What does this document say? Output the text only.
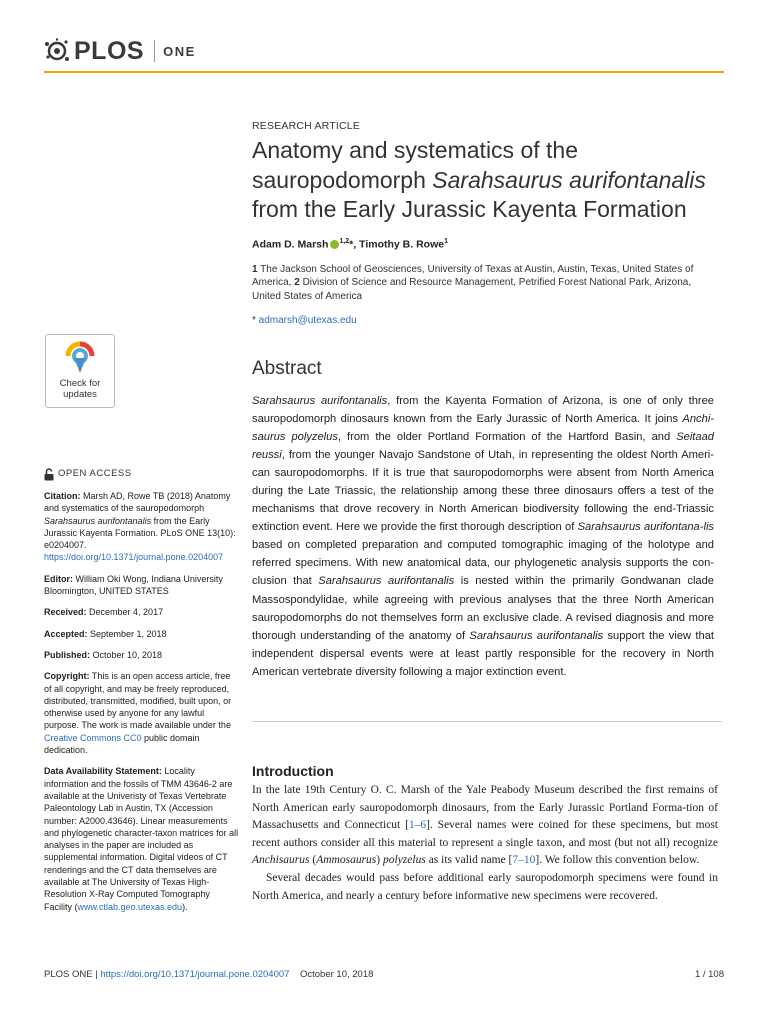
PLOS ONE
RESEARCH ARTICLE
Anatomy and systematics of the
sauropodomorph Sarahsaurus aurifontanalis
from the Early Jurassic Kayenta Formation
Adam D. Marsh $^{1,2}$*, Timothy B. Rowe$^1$
1 The Jackson School of Geosciences, University of Texas at Austin, Austin, Texas, United States of America, 2 Division of Science and Resource Management, Petrified Forest National Park, Arizona, United States of America
* admarsh@utexas.edu
Check for
updates
OPEN ACCESS

Citation: Marsh AD, Rowe TB (2018) Anatomy and systematics of the sauropodomorph Sarahsaurus aurifontanalis from the Early Jurassic Kayenta Formation. PLoS ONE 13(10): e0204007. https://doi.org/10.1371/journal.pone.0204007

Editor: William Oki Wong, Indiana University Bloomington, UNITED STATES

Received: December 4, 2017

Accepted: September 1, 2018

Published: October 10, 2018

Copyright: This is an open access article, free of all copyright, and may be freely reproduced, distributed, transmitted, modified, built upon, or otherwise used by anyone for any lawful purpose. The work is made available under the Creative Commons CC0 public domain dedication.

Data Availability Statement: Locality information and the fossils of TMM 43646-2 are available at the Univeristy of Texas Vertebrate Paleontology Lab in Austin, TX (Accession number: A2000.43646). Linear measurements and phylogenetic character-taxon matrices for all analyses in the paper are included as supplemental information. Digital videos of CT renderings and the CT data themselves are available at The University of Texas High-Resolution X-Ray Computed Tomography Facility (www.ctlab.geo.utexas.edu).

Abstract
Sarahsaurus aurifontanalis, from the Kayenta Formation of Arizona, is one of only three sauropodomorph dinosaurs known from the Early Jurassic of North America. It joins Anchi-saurus polyzelus, from the older Portland Formation of the Hartford Basin, and Seitaad reussi, from the younger Navajo Sandstone of Utah, in representing the oldest North Ameri-can sauropodomorphs. If it is true that sauropodomorphs were absent from North America during the Late Triassic, the relationship among these three dinosaurs offers a test of the mechanisms that drove recovery in North American biodiversity following the end-Triassic extinction event. Here we provide the first thorough description of Sarahsaurus aurifontana-lis based on completed preparation and computed tomographic imaging of the holotype and referred specimens. With new anatomical data, our phylogenetic analysis supports the con-clusion that Sarahsaurus aurifontanalis is nested within the primarily Gondwanan clade Massospondylidae, while agreeing with previous analyses that the three North American sauropodomorphs do not themselves form an exclusive clade. A revised diagnosis and more thorough understanding of the anatomy of Sarahsaurus aurifontanalis support the view that independent dispersal events were at least partly responsible for the recovery in North American vertebrate diversity following a major extinction event.
Introduction

In the late 19th Century O. C. Marsh of the Yale Peabody Museum described the first remains of North American early sauropodomorph dinosaurs, from the Early Jurassic Portland Forma-tion of Massachusetts and Connecticut [1–6]. Several names were coined for these specimens, but most recent authors consider all this material to represent a single taxon, and most (but not all) recognize Anchisaurus (Ammosaurus) polyzelus as its valid name [7–10]. We follow this convention below.

Several decades would pass before additional early sauropodomorph specimens were found in North America, and nearly a century before informative new specimens were recovered.

PLOS ONE | https://doi.org/10.1371/journal.pone.0204007 October 10, 2018	1 / 108
